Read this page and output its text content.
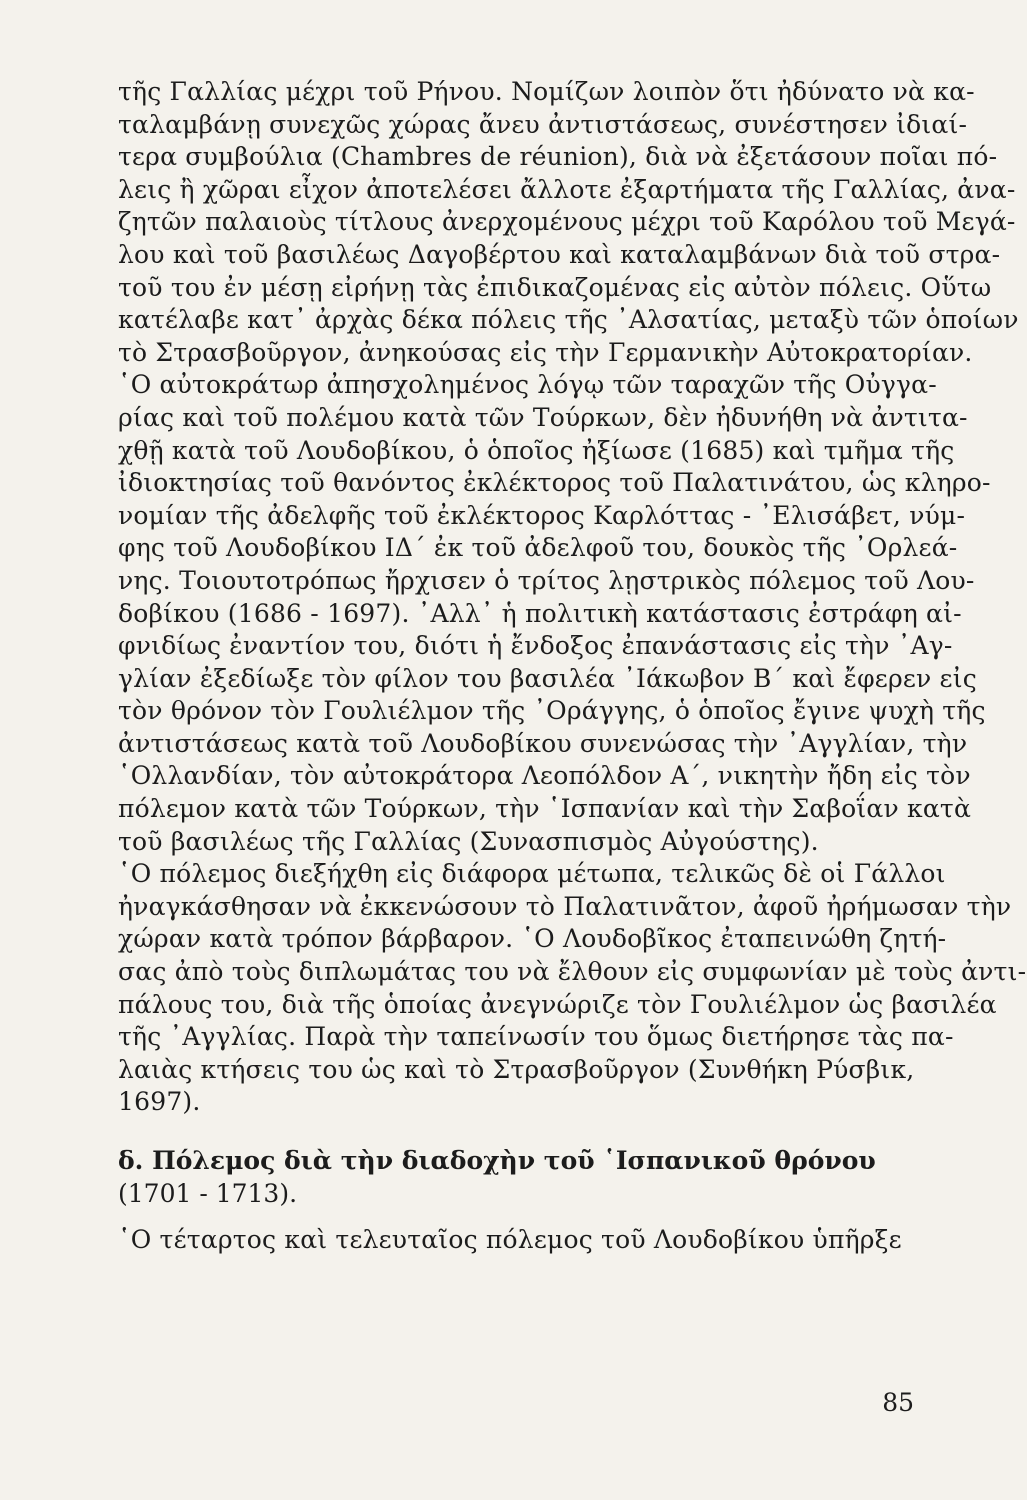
τῆς Γαλλίας μέχρι τοῦ Ρήνου. Νομίζων λοιπὸν ὅτι ἠδύνατο νὰ κα-
ταλαμβάνῃ συνεχῶς χώρας ἄνευ ἀντιστάσεως, συνέστησεν ἰδιαί-
τερα συμβούλια (Chambres de réunion), διὰ νὰ ἐξετάσουν ποῖαι πό-
λεις ἢ χῶραι εἶχον ἀποτελέσει ἄλλοτε ἐξαρτήματα τῆς Γαλλίας, ἀνα-
ζητῶν παλαιοὺς τίτλους ἀνερχομένους μέχρι τοῦ Καρόλου τοῦ Μεγά-
λου καὶ τοῦ βασιλέως Δαγοβέρτου καὶ καταλαμβάνων διὰ τοῦ στρα-
τοῦ του ἐν μέσῃ εἰρήνῃ τὰς ἐπιδικαζομένας εἰς αὐτὸν πόλεις. Οὕτω
κατέλαβε κατ᾽ ἀρχὰς δέκα πόλεις τῆς ᾽Αλσατίας, μεταξὺ τῶν ὁποίων
τὸ Στρασβοῦργον, ἀνηκούσας εἰς τὴν Γερμανικὴν Αὐτοκρατορίαν.
῾Ο αὐτοκράτωρ ἀπησχολημένος λόγῳ τῶν ταραχῶν τῆς Οὐγγα-
ρίας καὶ τοῦ πολέμου κατὰ τῶν Τούρκων, δὲν ἠδυνήθη νὰ ἀντιτα-
χθῇ κατὰ τοῦ Λουδοβίκου, ὁ ὁποῖος ἠξίωσε (1685) καὶ τμῆμα τῆς
ἰδιοκτησίας τοῦ θανόντος ἐκλέκτορος τοῦ Παλατινάτου, ὡς κληρο-
νομίαν τῆς ἀδελφῆς τοῦ ἐκλέκτορος Καρλόττας - ᾽Ελισάβετ, νύμ-
φης τοῦ Λουδοβίκου ΙΔ΄ ἐκ τοῦ ἀδελφοῦ του, δουκὸς τῆς ᾽Ορλεά-
νης. Τοιουτοτρόπως ἤρχισεν ὁ τρίτος λῃστρικὸς πόλεμος τοῦ Λου-
δοβίκου (1686 - 1697). ᾽Αλλ᾽ ἡ πολιτικὴ κατάστασις ἐστράφη αἰ-
φνιδίως ἐναντίον του, διότι ἡ ἔνδοξος ἐπανάστασις εἰς τὴν ᾽Αγ-
γλίαν ἐξεδίωξε τὸν φίλον του βασιλέα ᾽Ιάκωβον Β΄ καὶ ἔφερεν εἰς
τὸν θρόνον τὸν Γουλιέλμον τῆς ᾽Οράγγης, ὁ ὁποῖος ἔγινε ψυχὴ τῆς
ἀντιστάσεως κατὰ τοῦ Λουδοβίκου συνενώσας τὴν ᾽Αγγλίαν, τὴν
῾Ολλανδίαν, τὸν αὐτοκράτορα Λεοπόλδον Α΄, νικητὴν ἤδη εἰς τὸν
πόλεμον κατὰ τῶν Τούρκων, τὴν ῾Ισπανίαν καὶ τὴν Σαβοΐαν κατὰ
τοῦ βασιλέως τῆς Γαλλίας (Συνασπισμὸς Αὐγούστης).
῾Ο πόλεμος διεξήχθη εἰς διάφορα μέτωπα, τελικῶς δὲ οἱ Γάλλοι
ἠναγκάσθησαν νὰ ἐκκενώσουν τὸ Παλατινᾶτον, ἀφοῦ ἠρήμωσαν τὴν
χώραν κατὰ τρόπον βάρβαρον. ῾Ο Λουδοβῖκος ἐταπεινώθη ζητή-
σας ἀπὸ τοὺς διπλωμάτας του νὰ ἔλθουν εἰς συμφωνίαν μὲ τοὺς ἀντι-
πάλους του, διὰ τῆς ὁποίας ἀνεγνώριζε τὸν Γουλιέλμον ὡς βασιλέα
τῆς ᾽Αγγλίας. Παρὰ τὴν ταπείνωσίν του ὅμως διετήρησε τὰς πα-
λαιὰς κτήσεις του ὡς καὶ τὸ Στρασβοῦργον (Συνθήκη Ρύσβικ,
1697).
δ. Πόλεμος διὰ τὴν διαδοχὴν τοῦ ῾Ισπανικοῦ θρόνου
(1701 - 1713).
῾Ο τέταρτος καὶ τελευταῖος πόλεμος τοῦ Λουδοβίκου ὑπῆρξε
85
